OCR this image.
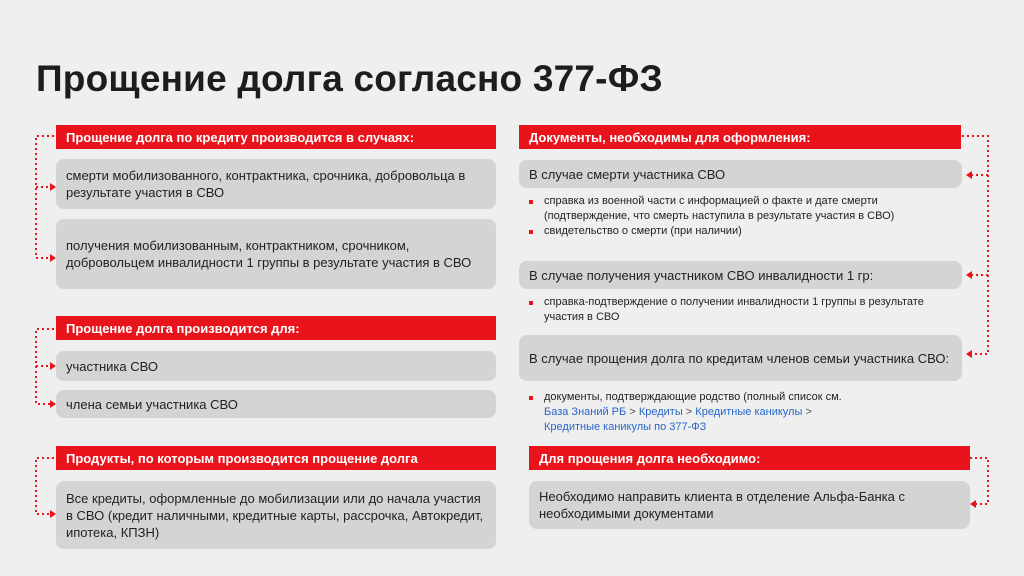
Прощение долга согласно 377-ФЗ
Прощение долга по кредиту производится в случаях:
смерти мобилизованного, контрактника, срочника, добровольца в результате участия в СВО
получения мобилизованным, контрактником, срочником, добровольцем инвалидности 1 группы в результате участия в СВО
Прощение долга производится для:
участника СВО
члена семьи участника СВО
Продукты, по которым производится прощение долга
Все кредиты, оформленные до мобилизации или до начала участия в СВО (кредит наличными, кредитные карты, рассрочка, Автокредит, ипотека, КПЗН)
Документы, необходимы для оформления:
В случае смерти участника СВО
справка из военной части с информацией о факте и дате смерти (подтверждение, что смерть наступила в результате участия в СВО)
свидетельство о смерти (при наличии)
В случае получения участником СВО инвалидности 1 гр:
справка-подтверждение о получении инвалидности 1 группы в результате участия в СВО
В случае прощения долга по кредитам членов семьи участника СВО:
документы, подтверждающие родство (полный список см.
База Знаний РБ > Кредиты > Кредитные каникулы >
Кредитные каникулы по 377-ФЗ
Для прощения долга необходимо:
Необходимо направить клиента в отделение Альфа-Банка с необходимыми документами
